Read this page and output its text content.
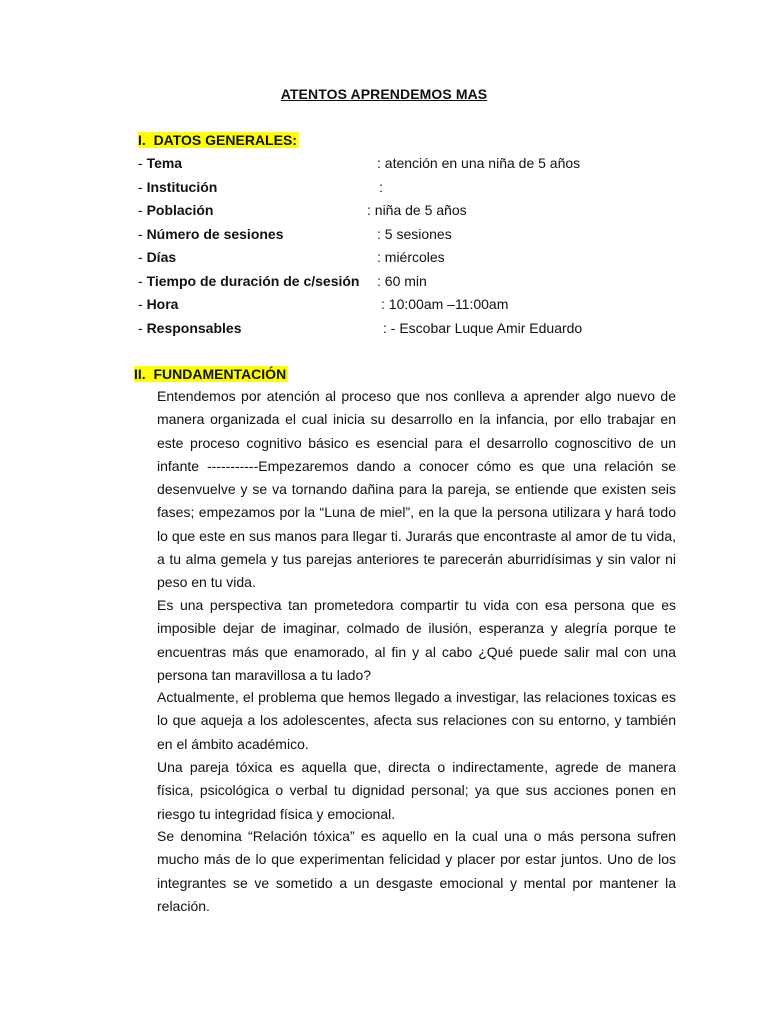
ATENTOS APRENDEMOS MAS
I. DATOS GENERALES:
- Tema	: atención en una niña de 5 años
- Institución	:
- Población	: niña de 5 años
- Número de sesiones	: 5 sesiones
- Días	: miércoles
- Tiempo de duración de c/sesión : 60 min
- Hora	: 10:00am –11:00am
- Responsables	: - Escobar Luque Amir Eduardo
II. FUNDAMENTACIÓN

Entendemos por atención al proceso que nos conlleva a aprender algo nuevo de manera organizada el cual inicia su desarrollo en la infancia, por ello trabajar en este proceso cognitivo básico es esencial para el desarrollo cognoscitivo de un infante -----------Empezaremos dando a conocer cómo es que una relación se desenvuelve y se va tornando dañina para la pareja, se entiende que existen seis fases; empezamos por la “Luna de miel”, en la que la persona utilizara y hará todo lo que este en sus manos para llegar ti. Jurarás que encontraste al amor de tu vida, a tu alma gemela y tus parejas anteriores te parecerán aburridísimas y sin valor ni peso en tu vida.

Es una perspectiva tan prometedora compartir tu vida con esa persona que es imposible dejar de imaginar, colmado de ilusión, esperanza y alegría porque te encuentras más que enamorado, al fin y al cabo ¿Qué puede salir mal con una persona tan maravillosa a tu lado?

Actualmente, el problema que hemos llegado a investigar, las relaciones toxicas es lo que aqueja a los adolescentes, afecta sus relaciones con su entorno, y también en el ámbito académico.

Una pareja tóxica es aquella que, directa o indirectamente, agrede de manera física, psicológica o verbal tu dignidad personal; ya que sus acciones ponen en riesgo tu integridad física y emocional.

Se denomina “Relación tóxica” es aquello en la cual una o más persona sufren mucho más de lo que experimentan felicidad y placer por estar juntos. Uno de los integrantes se ve sometido a un desgaste emocional y mental por mantener la relación.
